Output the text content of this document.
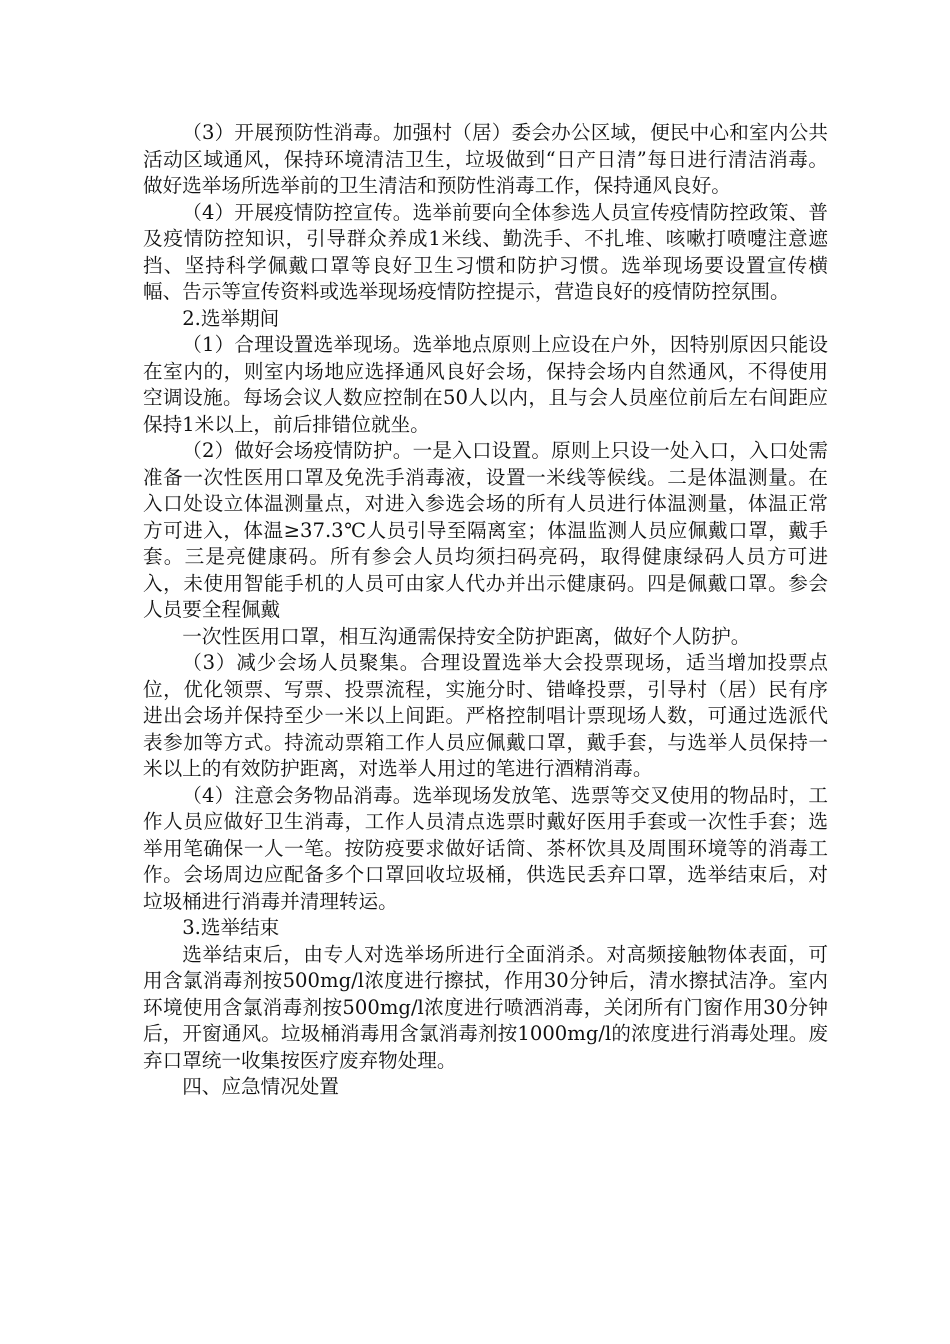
（3）开展预防性消毒。加强村（居）委会办公区域，便民中心和室内公共活动区域通风，保持环境清洁卫生，垃圾做到“日产日清”每日进行清洁消毒。做好选举场所选举前的卫生清洁和预防性消毒工作，保持通风良好。

（4）开展疫情防控宣传。选举前要向全体参选人员宣传疫情防控政策、普及疫情防控知识，引导群众养成1米线、勤洗手、不扎堆、咳嗽打喷嚏注意遮挡、坚持科学佩戴口罩等良好卫生习惯和防护习惯。选举现场要设置宣传横幅、告示等宣传资料或选举现场疫情防控提示，营造良好的疫情防控氛围。

2.选举期间

（1）合理设置选举现场。选举地点原则上应设在户外，因特别原因只能设在室内的，则室内场地应选择通风良好会场，保持会场内自然通风，不得使用空调设施。每场会议人数应控制在50人以内，且与会人员座位前后左右间距应保持1米以上，前后排错位就坐。

（2）做好会场疫情防护。一是入口设置。原则上只设一处入口，入口处需准备一次性医用口罩及免洗手消毒液，设置一米线等候线。二是体温测量。在入口处设立体温测量点，对进入参选会场的所有人员进行体温测量，体温正常方可进入，体温≥37.3℃人员引导至隔离室；体温监测人员应佩戴口罩，戴手套。三是亮健康码。所有参会人员均须扫码亮码，取得健康绿码人员方可进入，未使用智能手机的人员可由家人代办并出示健康码。四是佩戴口罩。参会人员要全程佩戴

一次性医用口罩，相互沟通需保持安全防护距离，做好个人防护。

（3）减少会场人员聚集。合理设置选举大会投票现场，适当增加投票点位，优化领票、写票、投票流程，实施分时、错峰投票，引导村（居）民有序进出会场并保持至少一米以上间距。严格控制唱计票现场人数，可通过选派代表参加等方式。持流动票箱工作人员应佩戴口罩，戴手套，与选举人员保持一米以上的有效防护距离，对选举人用过的笔进行酒精消毒。

（4）注意会务物品消毒。选举现场发放笔、选票等交叉使用的物品时，工作人员应做好卫生消毒，工作人员清点选票时戴好医用手套或一次性手套；选举用笔确保一人一笔。按防疫要求做好话筒、茶杯饮具及周围环境等的消毒工作。会场周边应配备多个口罩回收垃圾桶，供选民丢弃口罩，选举结束后，对垃圾桶进行消毒并清理转运。

3.选举结束

选举结束后，由专人对选举场所进行全面消杀。对高频接触物体表面，可用含氯消毒剂按500mg/l浓度进行擦拭，作用30分钟后，清水擦拭洁净。室内环境使用含氯消毒剂按500mg/l浓度进行喷洒消毒，关闭所有门窗作用30分钟后，开窗通风。垃圾桶消毒用含氯消毒剂按1000mg/l的浓度进行消毒处理。废弃口罩统一收集按医疗废弃物处理。

四、应急情况处置
